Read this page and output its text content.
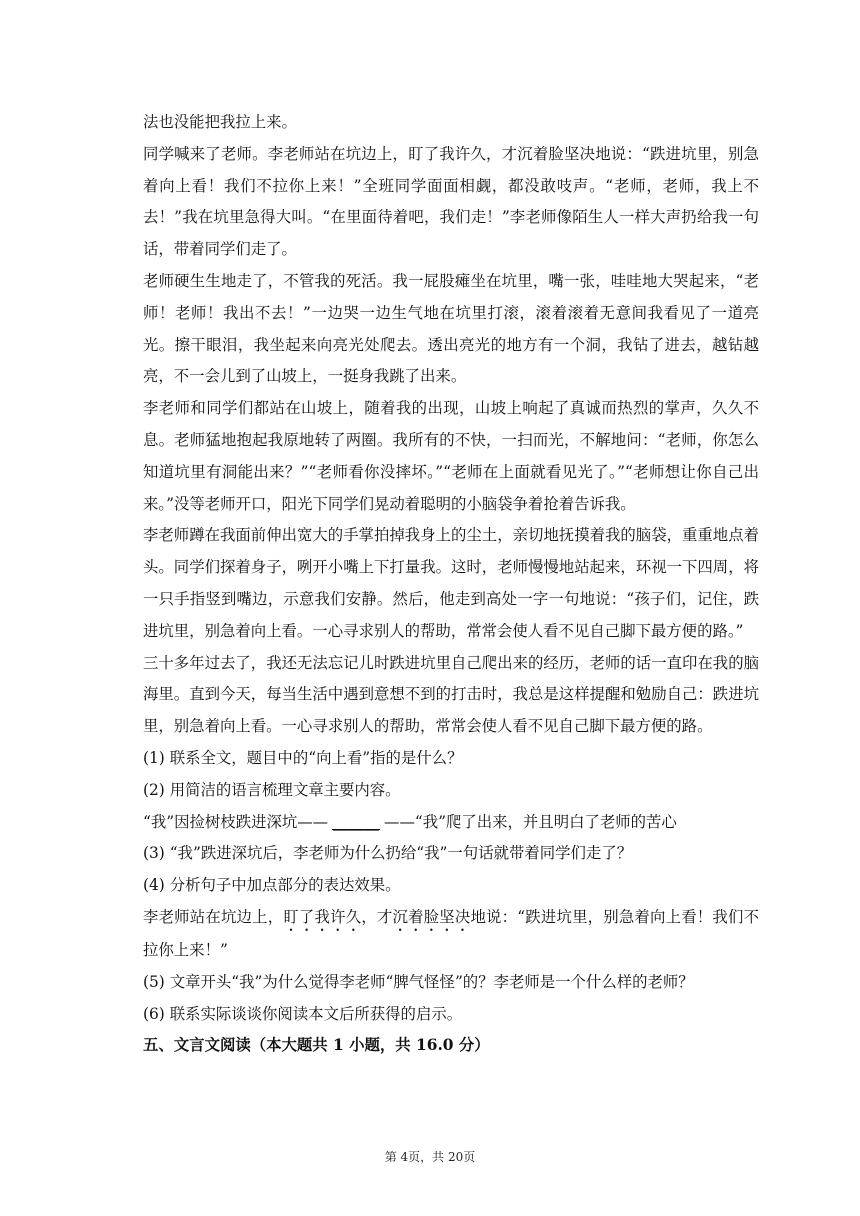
法也没能把我拉上来。

同学喊来了老师。李老师站在坑边上，盯了我许久，才沉着脸坚决地说：“跌进坑里，别急着向上看！我们不拉你上来！”全班同学面面相觑，都没敢吱声。“老师，老师，我上不去！”我在坑里急得大叫。“在里面待着吧，我们走！”李老师像陌生人一样大声扔给我一句话，带着同学们走了。

老师硬生生地走了，不管我的死活。我一屁股瘫坐在坑里，嘴一张，哇哇地大哭起来，“老师！老师！我出不去！”一边哭一边生气地在坑里打滚，滚着滚着无意间我看见了一道亮光。擦干眼泪，我坐起来向亮光处爬去。透出亮光的地方有一个洞，我钻了进去，越钻越亮，不一会儿到了山坡上，一挺身我跳了出来。

李老师和同学们都站在山坡上，随着我的出现，山坡上响起了真诚而热烈的掌声，久久不息。老师猛地抱起我原地转了两圈。我所有的不快，一扫而光，不解地问：“老师，你怎么知道坑里有洞能出来？”“老师看你没摔坏。”“老师在上面就看见光了。”“老师想让你自己出来。”没等老师开口，阳光下同学们晃动着聪明的小脑袋争着抢着告诉我。

李老师蹲在我面前伸出宽大的手掌拍掉我身上的尘土，亲切地抚摸着我的脑袋，重重地点着头。同学们探着身子，咧开小嘴上下打量我。这时，老师慢慢地站起来，环视一下四周，将一只手指竖到嘴边，示意我们安静。然后，他走到高处一字一句地说：“孩子们，记住，跌进坑里，别急着向上看。一心寻求别人的帮助，常常会使人看不见自己脚下最方便的路。”

三十多年过去了，我还无法忘记儿时跌进坑里自己爬出来的经历，老师的话一直印在我的脑海里。直到今天，每当生活中遇到意想不到的打击时，我总是这样提醒和勉励自己：跌进坑里，别急着向上看。一心寻求别人的帮助，常常会使人看不见自己脚下最方便的路。

(1) 联系全文，题目中的“向上看”指的是什么？

(2) 用简洁的语言梳理文章主要内容。

“我”因捡树枝跌进深坑—— ______ ——“我”爬了出来，并且明白了老师的苦心

(3) “我”跌进深坑后，李老师为什么扔给“我”一句话就带着同学们走了？

(4) 分析句子中加点部分的表达效果。

李老师站在坑边上，盯了我许久，才沉着脸坚决地说：“跌进坑里，别急着向上看！我们不拉你上来！”

(5) 文章开头“我”为什么觉得李老师“脾气怪怪”的？李老师是一个什么样的老师？

(6) 联系实际谈谈你阅读本文后所获得的启示。

五、文言文阅读（本大题共 1 小题，共 16.0 分）

第 4页，共 20页
